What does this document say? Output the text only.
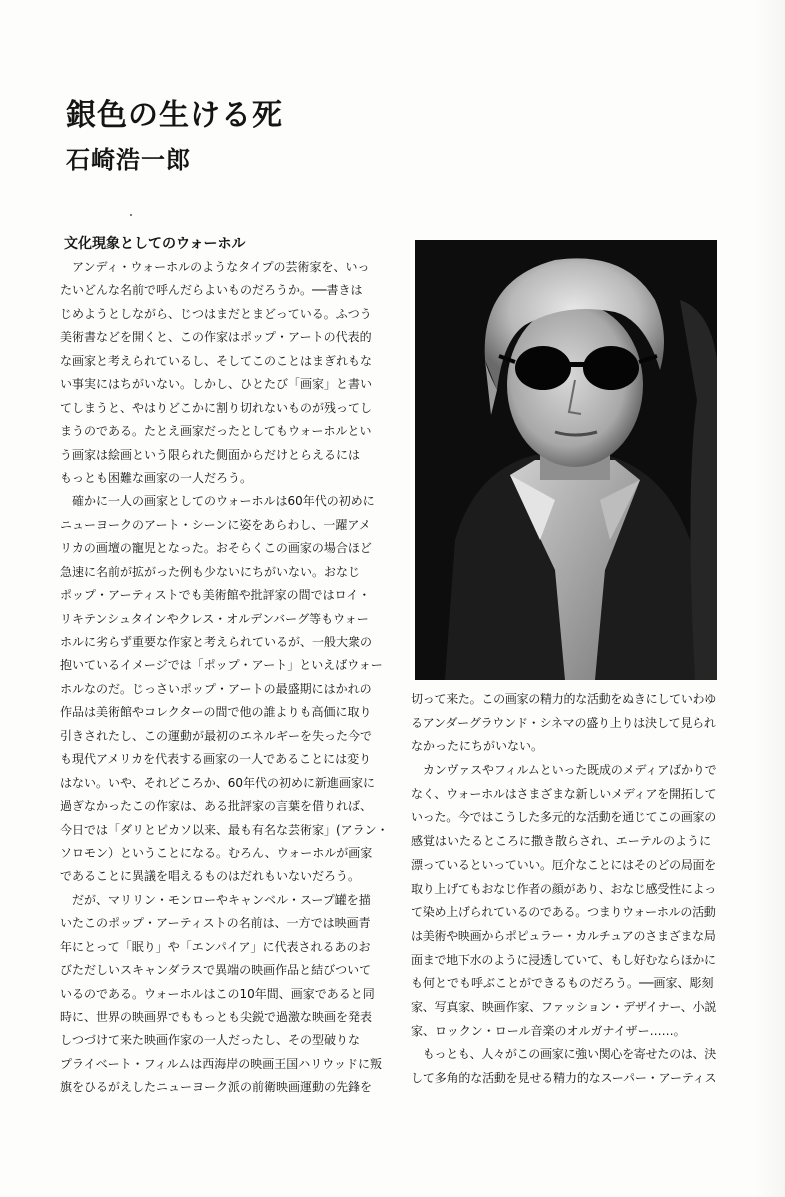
銀色の生ける死
石崎浩一郎
文化現象としてのウォーホル
　アンディ・ウォーホルのようなタイプの芸術家を、いっ
たいどんな名前で呼んだらよいものだろうか。──書きは
じめようとしながら、じつはまだとまどっている。ふつう
美術書などを開くと、この作家はポップ・アートの代表的
な画家と考えられているし、そしてこのことはまぎれもな
い事実にはちがいない。しかし、ひとたび「画家」と書い
てしまうと、やはりどこかに割り切れないものが残ってし
まうのである。たとえ画家だったとしてもウォーホルとい
う画家は絵画という限られた側面からだけとらえるには
もっとも困難な画家の一人だろう。
　確かに一人の画家としてのウォーホルは60年代の初めに
ニューヨークのアート・シーンに姿をあらわし、一躍アメ
リカの画壇の寵児となった。おそらくこの画家の場合ほど
急速に名前が拡がった例も少ないにちがいない。おなじ
ポップ・アーティストでも美術館や批評家の間ではロイ・
リキテンシュタインやクレス・オルデンバーグ等もウォー
ホルに劣らず重要な作家と考えられているが、一般大衆の
抱いているイメージでは「ポップ・アート」といえばウォー
ホルなのだ。じっさいポップ・アートの最盛期にはかれの
作品は美術館やコレクターの間で他の誰よりも高価に取り
引きされたし、この運動が最初のエネルギーを失った今で
も現代アメリカを代表する画家の一人であることには変り
はない。いや、それどころか、60年代の初めに新進画家に
過ぎなかったこの作家は、ある批評家の言葉を借りれば、
今日では「ダリとピカソ以来、最も有名な芸術家」(アラン・
ソロモン）ということになる。むろん、ウォーホルが画家
であることに異議を唱えるものはだれもいないだろう。
　だが、マリリン・モンローやキャンベル・スープ罐を描
いたこのポップ・アーティストの名前は、一方では映画青
年にとって「眠り」や「エンパイア」に代表されるあのお
びただしいスキャンダラスで異端の映画作品と結びついて
いるのである。ウォーホルはこの10年間、画家であると同
時に、世界の映画界でももっとも尖鋭で過激な映画を発表
しつづけて来た映画作家の一人だったし、その型破りな
プライベート・フィルムは西海岸の映画王国ハリウッドに叛
旗をひるがえしたニューヨーク派の前衛映画運動の先鋒を
切って来た。この画家の精力的な活動をぬきにしていわゆ
るアンダーグラウンド・シネマの盛り上りは決して見られ
なかったにちがいない。
　カンヴァスやフィルムといった既成のメディアばかりで
なく、ウォーホルはさまざまな新しいメディアを開拓して
いった。今ではこうした多元的な活動を通じてこの画家の
感覚はいたるところに撒き散らされ、エーテルのように
漂っているといっていい。厄介なことにはそのどの局面を
取り上げてもおなじ作者の顔があり、おなじ感受性によっ
て染め上げられているのである。つまりウォーホルの活動
は美術や映画からポピュラー・カルチュアのさまざまな局
面まで地下水のように浸透していて、もし好むならほかに
も何とでも呼ぶことができるものだろう。──画家、彫刻
家、写真家、映画作家、ファッション・デザイナー、小説
家、ロックン・ロール音楽のオルガナイザー……。
　もっとも、人々がこの画家に強い関心を寄せたのは、決
して多角的な活動を見せる精力的なスーパー・アーティス
